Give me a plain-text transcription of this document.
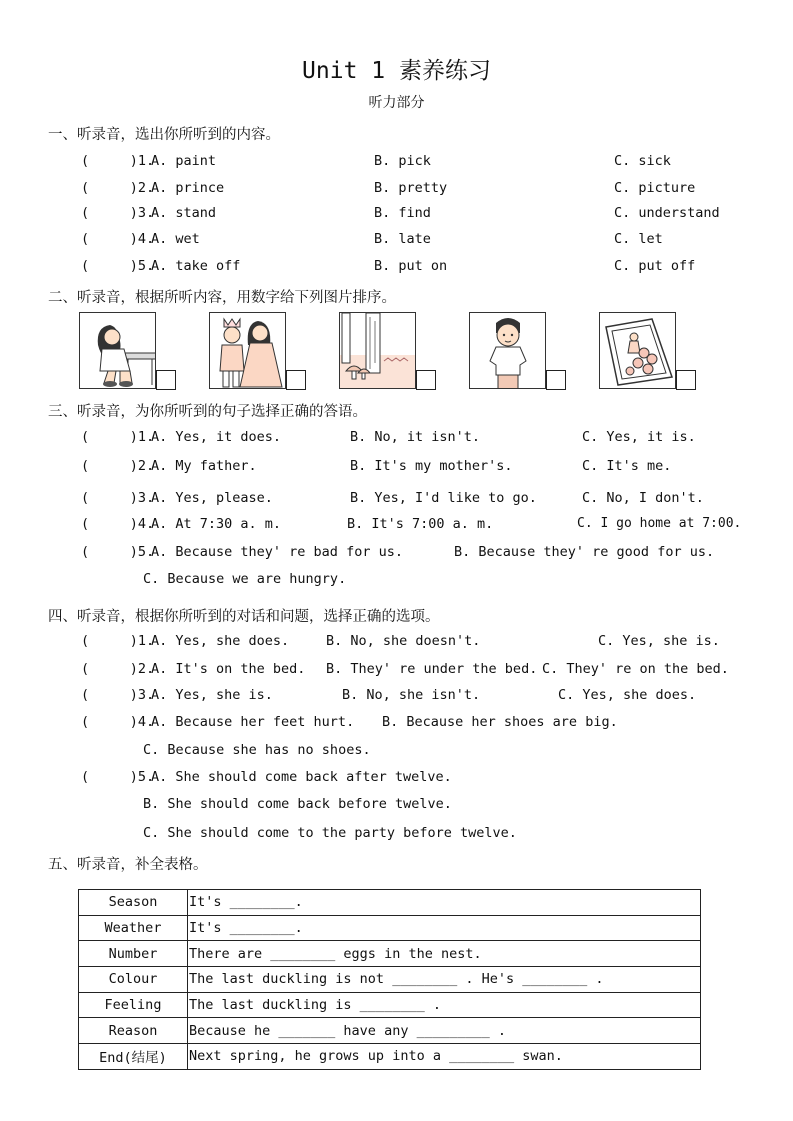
Unit 1 素养练习
听力部分
一、听录音，选出你所听到的内容。
(     )1.
A. paint	B. pick	C. sick
(     )2.
A. prince	B. pretty	C. picture
(     )3.
A. stand	B. find	C. understand
(     )4.
A. wet	B. late	C. let
(     )5.
A. take off	B. put on	C. put off
二、听录音，根据所听内容，用数字给下列图片排序。
三、听录音，为你所听到的句子选择正确的答语。
(     )1.
A. Yes, it does.	B. No, it isn't.	C. Yes, it is.
(     )2.
A. My father.	B. It's my mother's.	C. It's me.
(     )3.
A. Yes, please.	B. Yes, I'd like to go.	C. No, I don't.
(     )4.
A. At 7:30 a. m.	B. It's 7:00 a. m.	C. I go home at 7:00.
(     )5.
A. Because they' re bad for us.	B. Because they' re good for us.
C. Because we are hungry.
四、听录音，根据你所听到的对话和问题，选择正确的选项。
(     )1.
A. Yes, she does.	B. No, she doesn't.	C. Yes, she is.
(     )2.
A. It's on the bed. B. They' re under the bed. C. They' re on the bed.
(     )3.
A. Yes, she is.	B. No, she isn't.	C. Yes, she does.
(     )4.
A. Because her feet hurt. B. Because her shoes are big.
C. Because she has no shoes.
(     )5.
A. She should come back after twelve.
B. She should come back before twelve.
C. She should come to the party before twelve.
五、听录音，补全表格。
Season	It's ________.
Weather	It's ________.
Number	There are ________ eggs in the nest.
Colour	The last duckling is not ________ . He's ________ .
Feeling	The last duckling is ________ .
Reason	Because he _______ have any _________ .
End(结尾)	Next spring, he grows up into a ________ swan.
